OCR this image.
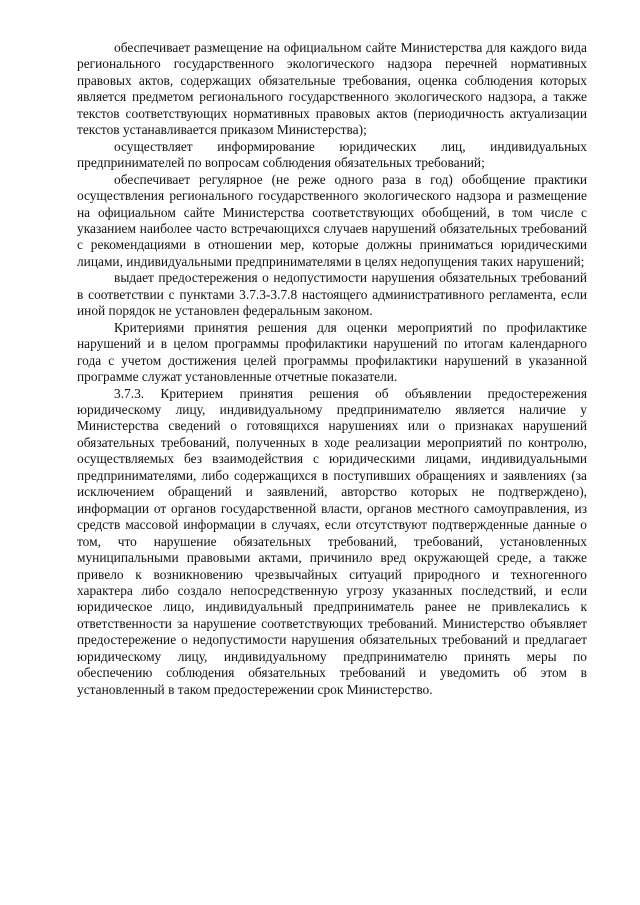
обеспечивает размещение на официальном сайте Министерства для каждого вида регионального государственного экологического надзора перечней нормативных правовых актов, содержащих обязательные требования, оценка соблюдения которых является предметом регионального государственного экологического надзора, а также текстов соответствующих нормативных правовых актов (периодичность актуализации текстов устанавливается приказом Министерства);

осуществляет информирование юридических лиц, индивидуальных предпринимателей по вопросам соблюдения обязательных требований;

обеспечивает регулярное (не реже одного раза в год) обобщение практики осуществления регионального государственного экологического надзора и размещение на официальном сайте Министерства соответствующих обобщений, в том числе с указанием наиболее часто встречающихся случаев нарушений обязательных требований с рекомендациями в отношении мер, которые должны приниматься юридическими лицами, индивидуальными предпринимателями в целях недопущения таких нарушений;

выдает предостережения о недопустимости нарушения обязательных требований в соответствии с пунктами 3.7.3-3.7.8 настоящего административного регламента, если иной порядок не установлен федеральным законом.

Критериями принятия решения для оценки мероприятий по профилактике нарушений и в целом программы профилактики нарушений по итогам календарного года с учетом достижения целей программы профилактики нарушений в указанной программе служат установленные отчетные показатели.

3.7.3. Критерием принятия решения об объявлении предостережения юридическому лицу, индивидуальному предпринимателю является наличие у Министерства сведений о готовящихся нарушениях или о признаках нарушений обязательных требований, полученных в ходе реализации мероприятий по контролю, осуществляемых без взаимодействия с юридическими лицами, индивидуальными предпринимателями, либо содержащихся в поступивших обращениях и заявлениях (за исключением обращений и заявлений, авторство которых не подтверждено), информации от органов государственной власти, органов местного самоуправления, из средств массовой информации в случаях, если отсутствуют подтвержденные данные о том, что нарушение обязательных требований, требований, установленных муниципальными правовыми актами, причинило вред окружающей среде, а также привело к возникновению чрезвычайных ситуаций природного и техногенного характера либо создало непосредственную угрозу указанных последствий, и если юридическое лицо, индивидуальный предприниматель ранее не привлекались к ответственности за нарушение соответствующих требований. Министерство объявляет предостережение о недопустимости нарушения обязательных требований и предлагает юридическому лицу, индивидуальному предпринимателю принять меры по обеспечению соблюдения обязательных требований и уведомить об этом в установленный в таком предостережении срок Министерство.
